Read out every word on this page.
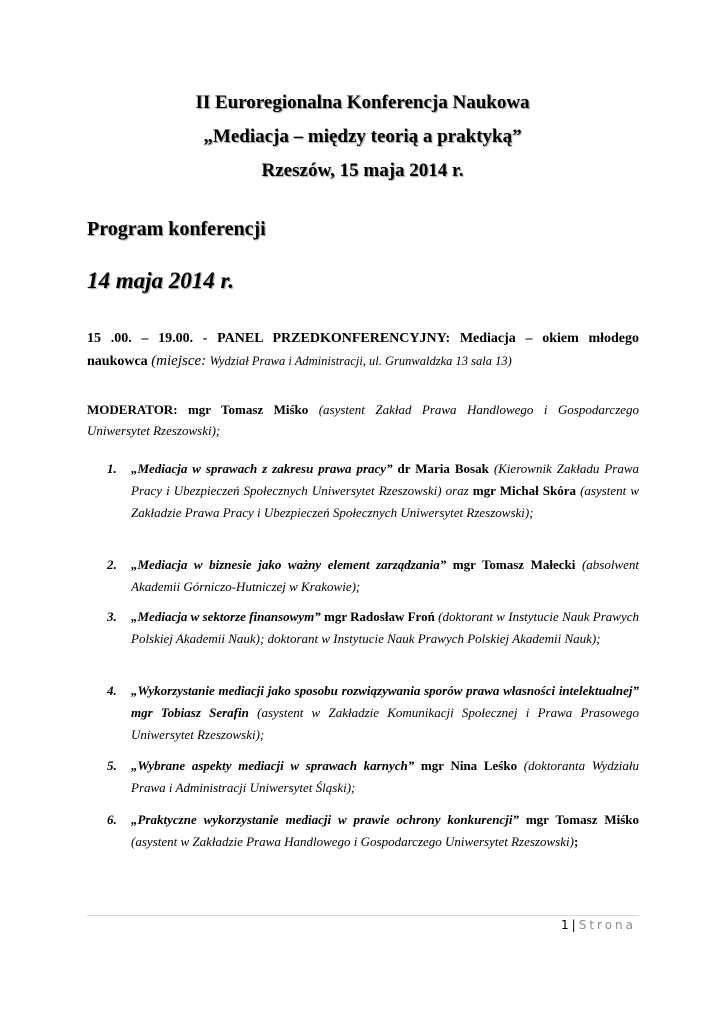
II Euroregionalna Konferencja Naukowa
„Mediacja – między teorią a praktyką”
Rzeszów, 15 maja 2014 r.
Program konferencji
14 maja 2014 r.
15 .00. – 19.00. - PANEL PRZEDKONFERENCYJNY: Mediacja – okiem młodego naukowca (miejsce: Wydział Prawa i Administracji, ul. Grunwaldzka 13 sala 13)
MODERATOR: mgr Tomasz Miśko (asystent Zakład Prawa Handlowego i Gospodarczego Uniwersytet Rzeszowski);
1. „Mediacja w sprawach z zakresu prawa pracy” dr Maria Bosak (Kierownik Zakładu Prawa Pracy i Ubezpieczeń Społecznych Uniwersytet Rzeszowski) oraz mgr Michał Skóra (asystent w Zakładzie Prawa Pracy i Ubezpieczeń Społecznych Uniwersytet Rzeszowski);
2. „Mediacja w biznesie jako ważny element zarządzania” mgr Tomasz Małecki (absolwent Akademii Górniczo-Hutniczej w Krakowie);
3. „Mediacja w sektorze finansowym” mgr Radosław Froń (doktorant w Instytucie Nauk Prawych Polskiej Akademii Nauk); doktorant w Instytucie Nauk Prawych Polskiej Akademii Nauk);
4. „Wykorzystanie mediacji jako sposobu rozwiązywania sporów prawa własności intelektualnej” mgr Tobiasz Serafin (asystent w Zakładzie Komunikacji Społecznej i Prawa Prasowego Uniwersytet Rzeszowski);
5. „Wybrane aspekty mediacji w sprawach karnych” mgr Nina Leśko (doktoranta Wydziału Prawa i Administracji Uniwersytet Śląski);
6. „Praktyczne wykorzystanie mediacji w prawie ochrony konkurencji” mgr Tomasz Miśko (asystent w Zakładzie Prawa Handlowego i Gospodarczego Uniwersytet Rzeszowski);
1 | Strona
